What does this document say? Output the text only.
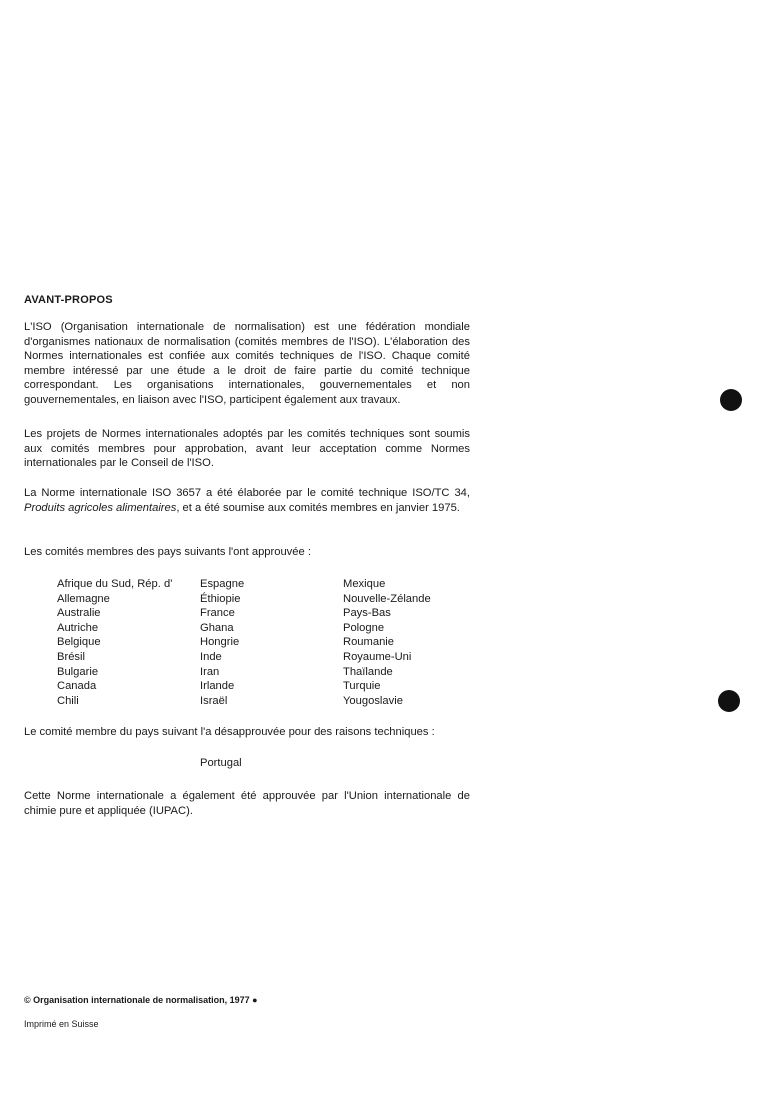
AVANT-PROPOS

L'ISO (Organisation internationale de normalisation) est une fédération mondiale d'organismes nationaux de normalisation (comités membres de l'ISO). L'élaboration des Normes internationales est confiée aux comités techniques de l'ISO. Chaque comité membre intéressé par une étude a le droit de faire partie du comité technique correspondant. Les organisations internationales, gouvernementales et non gouvernementales, en liaison avec l'ISO, participent également aux travaux.

Les projets de Normes internationales adoptés par les comités techniques sont soumis aux comités membres pour approbation, avant leur acceptation comme Normes internationales par le Conseil de l'ISO.

La Norme internationale ISO 3657 a été élaborée par le comité technique ISO/TC 34, Produits agricoles alimentaires, et a été soumise aux comités membres en janvier 1975.

Les comités membres des pays suivants l'ont approuvée :

Afrique du Sud, Rép. d'
Allemagne
Australie
Autriche
Belgique
Brésil
Bulgarie
Canada
Chili
Espagne
Éthiopie
France
Ghana
Hongrie
Inde
Iran
Irlande
Israël
Mexique
Nouvelle-Zélande
Pays-Bas
Pologne
Roumanie
Royaume-Uni
Thaïlande
Turquie
Yougoslavie

Le comité membre du pays suivant l'a désapprouvée pour des raisons techniques :

Portugal

Cette Norme internationale a également été approuvée par l'Union internationale de chimie pure et appliquée (IUPAC).

© Organisation internationale de normalisation, 1977 ●
Imprimé en Suisse
